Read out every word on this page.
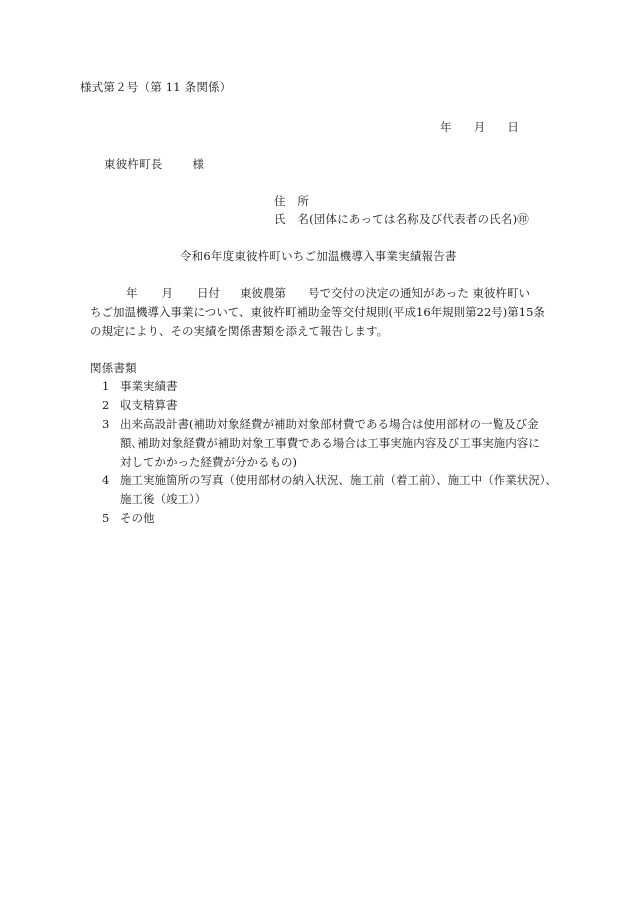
様式第２号（第 11 条関係）
年 月 日
東彼杵町長	様
住　所
氏　名(団体にあっては名称及び代表者の氏名)㊞
令和6年度東彼杵町いちご加温機導入事業実績報告書
年 月 日付 東彼農第 号で交付の決定の通知があった 東彼杵町い
ちご加温機導入事業について、東彼杵町補助金等交付規則(平成16年規則第22号)第15条
の規定により、その実績を関係書類を添えて報告します。
関係書類
1 事業実績書
2 収支精算書
3 出来高設計書(補助対象経費が補助対象部材費である場合は使用部材の一覧及び金
額､補助対象経費が補助対象工事費である場合は工事実施内容及び工事実施内容に
対してかかった経費が分かるもの)
4 施工実施箇所の写真（使用部材の納入状況、施工前（着工前）、施工中（作業状況）、
施工後（竣工））
5 その他
